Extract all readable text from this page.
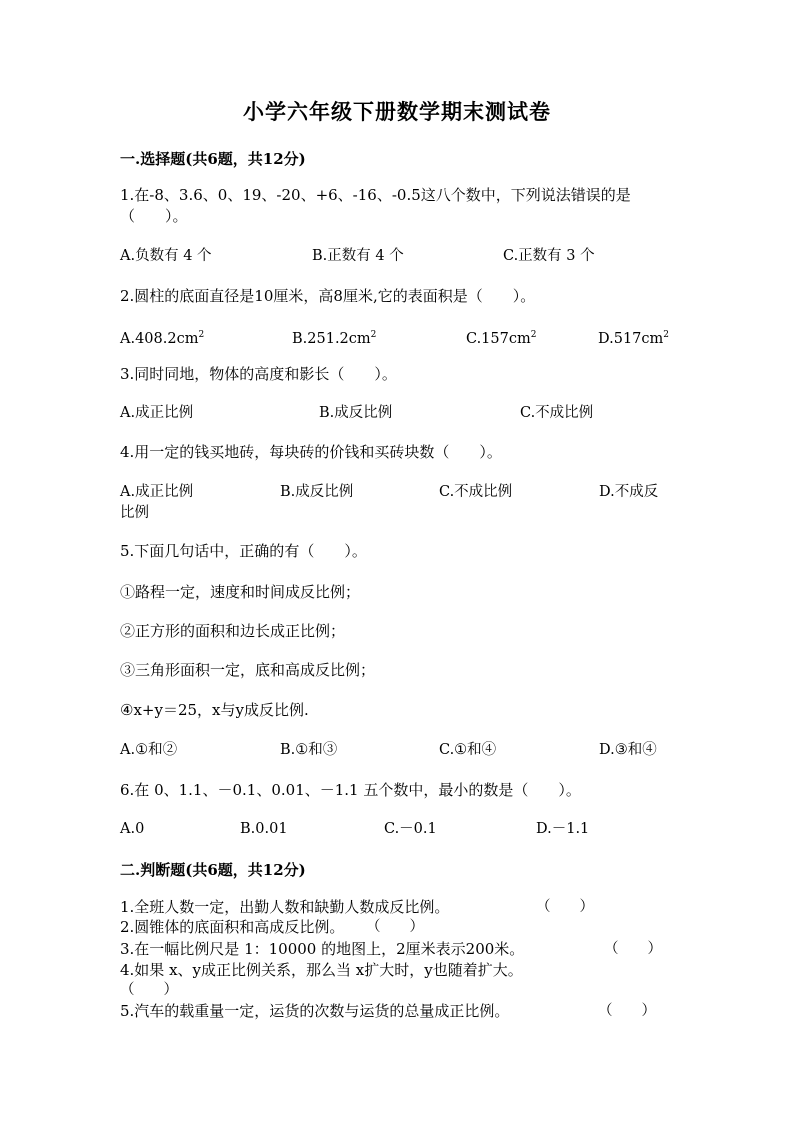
小学六年级下册数学期末测试卷
一.选择题(共6题，共12分)
1.在-8、3.6、0、19、-20、+6、-16、-0.5这八个数中，下列说法错误的是
（　　）。
A.负数有 4 个	B.正数有 4 个	C.正数有 3 个
2.圆柱的底面直径是10厘米，高8厘米,它的表面积是（　　）。
$A.408.2cm^2$	$B.251.2cm^2$	$C.157cm^2$	$D.517cm^2$
3.同时同地，物体的高度和影长（　　）。
A.成正比例	B.成反比例	C.不成比例
4.用一定的钱买地砖，每块砖的价钱和买砖块数（　　）。
A.成正比例	B.成反比例	C.不成比例	D.不成反
比例
5.下面几句话中，正确的有（　　）。
①路程一定，速度和时间成反比例；
②正方形的面积和边长成正比例；
③三角形面积一定，底和高成反比例；
④x+y＝25，x与y成反比例.
A.①和②	B.①和③	C.①和④	D.③和④
6.在 0、1.1、－0.1、0.01、－1.1 五个数中，最小的数是（　　）。
A.0	B.0.01	C.－0.1	D.－1.1
二.判断题(共6题，共12分)
1.全班人数一定，出勤人数和缺勤人数成反比例。	（　　）
2.圆锥体的底面积和高成反比例。 （　　）
3.在一幅比例尺是 1：10000 的地图上，2厘米表示200米。	（　　）
4.如果 x、y成正比例关系，那么当 x扩大时，y也随着扩大。
（　　）
5.汽车的载重量一定，运货的次数与运货的总量成正比例。	（　　）
